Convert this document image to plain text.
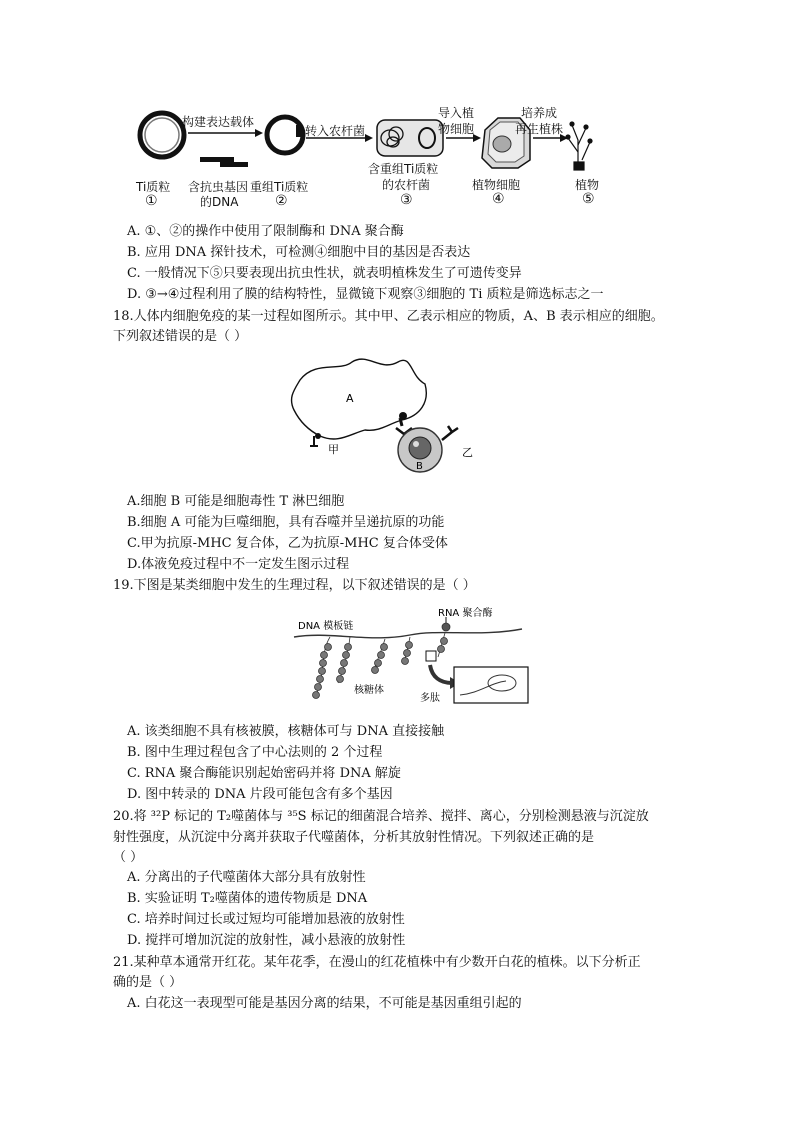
构建表达载体
转入农杆菌
导入植
物细胞
培养成
再生植株
Ti质粒
①
含抗虫基因
的DNA
重组Ti质粒
②
含重组Ti质粒
的农杆菌
③
植物细胞
④
植物
⑤
A. ①、②的操作中使用了限制酶和 DNA 聚合酶
B. 应用 DNA 探针技术，可检测④细胞中目的基因是否表达
C. 一般情况下⑤只要表现出抗虫性状，就表明植株发生了可遗传变异
D. ③→④过程利用了膜的结构特性，显微镜下观察③细胞的 Ti 质粒是筛选标志之一
18.人体内细胞免疫的某一过程如图所示。其中甲、乙表示相应的物质，A、B 表示相应的细胞。
下列叙述错误的是（ ）
A
甲
B
乙
A.细胞 B 可能是细胞毒性 T 淋巴细胞
B.细胞 A 可能为巨噬细胞，具有吞噬并呈递抗原的功能
C.甲为抗原-MHC 复合体，乙为抗原-MHC 复合体受体
D.体液免疫过程中不一定发生图示过程
19.下图是某类细胞中发生的生理过程，以下叙述错误的是（ ）
DNA 模板链
RNA 聚合酶
核糖体
多肽
A. 该类细胞不具有核被膜，核糖体可与 DNA 直接接触
B. 图中生理过程包含了中心法则的 2 个过程
C. RNA 聚合酶能识别起始密码并将 DNA 解旋
D. 图中转录的 DNA 片段可能包含有多个基因
20.将 ³²P 标记的 T₂噬菌体与 ³⁵S 标记的细菌混合培养、搅拌、离心，分别检测悬液与沉淀放
射性强度，从沉淀中分离并获取子代噬菌体，分析其放射性情况。下列叙述正确的是
（ ）
A. 分离出的子代噬菌体大部分具有放射性
B. 实验证明 T₂噬菌体的遗传物质是 DNA
C. 培养时间过长或过短均可能增加悬液的放射性
D. 搅拌可增加沉淀的放射性，减小悬液的放射性
21.某种草本通常开红花。某年花季，在漫山的红花植株中有少数开白花的植株。以下分析正
确的是（ ）
A. 白花这一表现型可能是基因分离的结果，不可能是基因重组引起的
